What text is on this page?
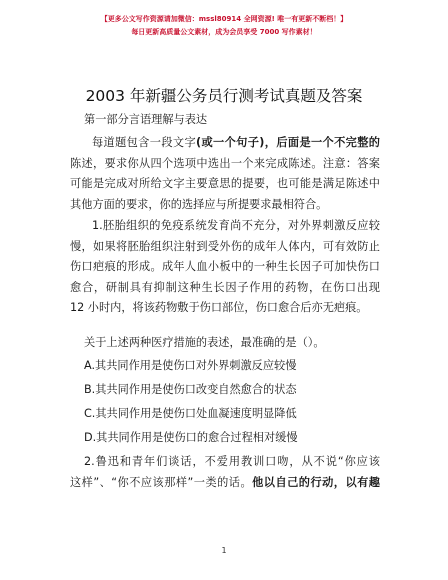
【更多公文写作资源请加微信：mssl80914 全网资源! 唯一有更新不断档！】
每日更新高质量公文素材，成为会员享受 7000 写作素材！
2003 年新疆公务员行测考试真题及答案
第一部分言语理解与表达
每道题包含一段文字(或一个句子)，后面是一个不完整的
陈述，要求你从四个选项中选出一个来完成陈述。注意：答案
可能是完成对所给文字主要意思的提要，也可能是满足陈述中
其他方面的要求，你的选择应与所提要求最相符合。
1.胚胎组织的免疫系统发育尚不充分，对外界刺激反应较
慢，如果将胚胎组织注射到受外伤的成年人体内，可有效防止
伤口疤痕的形成。成年人血小板中的一种生长因子可加快伤口
愈合，研制具有抑制这种生长因子作用的药物，在伤口出现
12 小时内，将该药物敷于伤口部位，伤口愈合后亦无疤痕。
关于上述两种医疗措施的表述，最准确的是（）。
A.其共同作用是使伤口对外界刺激反应较慢
B.其共同作用是使伤口改变自然愈合的状态
C.其共同作用是使伤口处血凝速度明显降低
D.其共同作用是使伤口的愈合过程相对缓慢
2.鲁迅和青年们谈话，不爱用教训口吻，从不说“你应该
这样”、“你不应该那样”一类的话。他以自己的行动，以有趣
1
